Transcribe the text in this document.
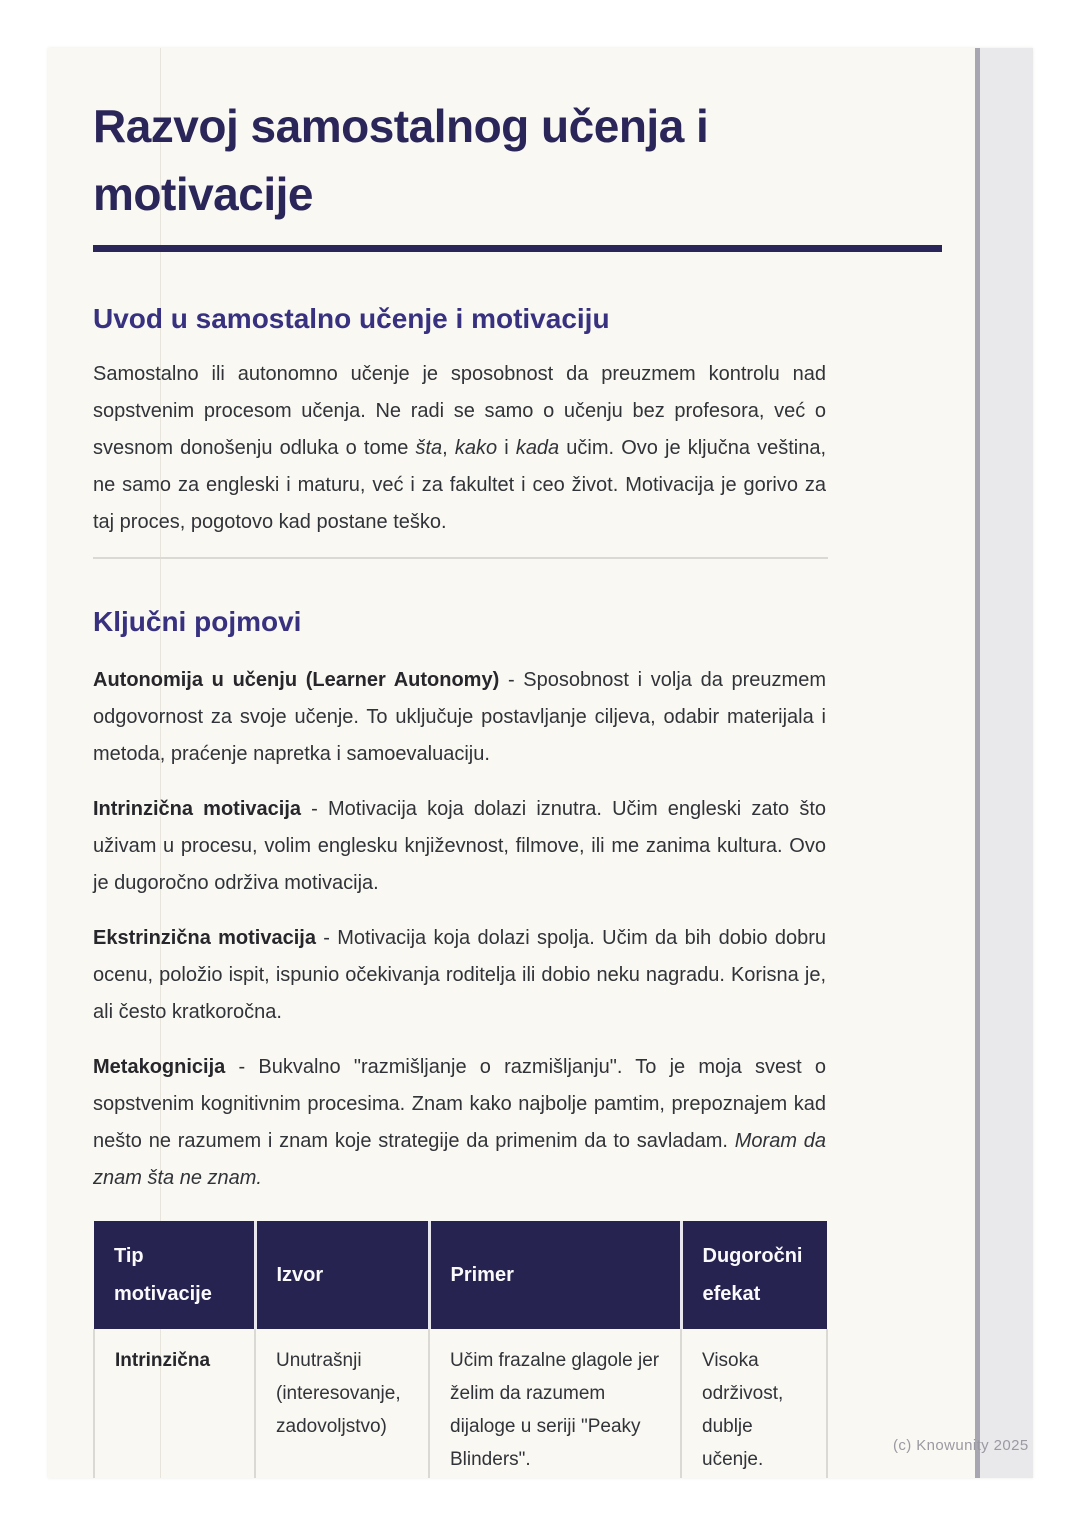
Razvoj samostalnog učenja i motivacije
Uvod u samostalno učenje i motivaciju

Samostalno ili autonomno učenje je sposobnost da preuzmem kontrolu nad sopstvenim procesom učenja. Ne radi se samo o učenju bez profesora, već o svesnom donošenju odluka o tome šta, kako i kada učim. Ovo je ključna veština, ne samo za engleski i maturu, već i za fakultet i ceo život. Motivacija je gorivo za taj proces, pogotovo kad postane teško.

Ključni pojmovi

Autonomija u učenju (Learner Autonomy) - Sposobnost i volja da preuzmem odgovornost za svoje učenje. To uključuje postavljanje ciljeva, odabir materijala i metoda, praćenje napretka i samoevaluaciju.

Intrinzična motivacija - Motivacija koja dolazi iznutra. Učim engleski zato što uživam u procesu, volim englesku književnost, filmove, ili me zanima kultura. Ovo je dugoročno održiva motivacija.

Ekstrinzična motivacija - Motivacija koja dolazi spolja. Učim da bih dobio dobru ocenu, položio ispit, ispunio očekivanja roditelja ili dobio neku nagradu. Korisna je, ali često kratkoročna.

Metakognicija - Bukvalno "razmišljanje o razmišljanju". To je moja svest o sopstvenim kognitivnim procesima. Znam kako najbolje pamtim, prepoznajem kad nešto ne razumem i znam koje strategije da primenim da to savladam. Moram da znam šta ne znam.

Tip motivacije	Izvor	Primer	Dugoročni efekat
Intrinzična	Unutrašnji (interesovanje, zadovoljstvo)	Učim frazalne glagole jer želim da razumem dijaloge u seriji "Peaky Blinders".	Visoka održivost, dublje učenje.
(c) Knowunity 2025
